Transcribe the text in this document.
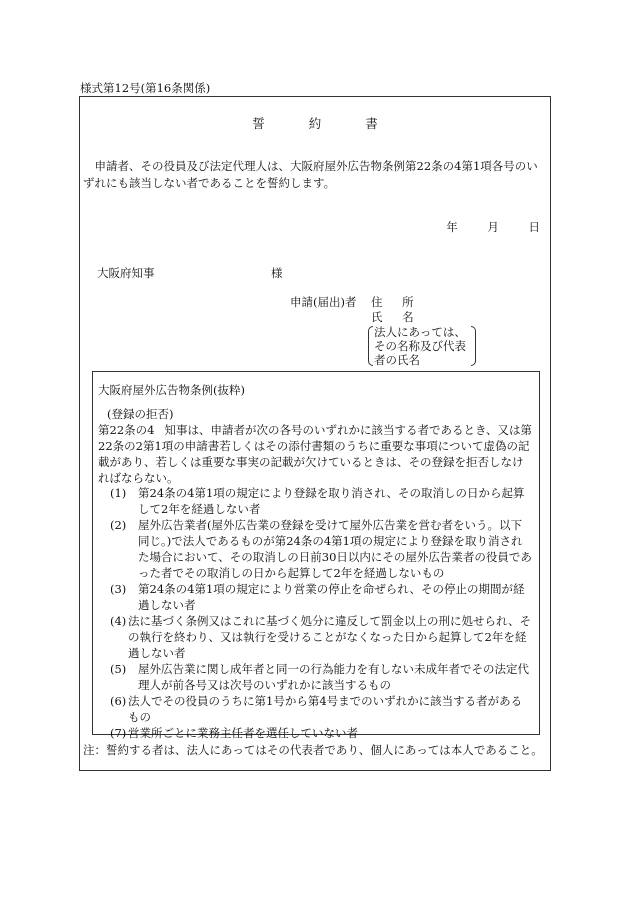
様式第12号(第16条関係)
誓 約 書

申請者、その役員及び法定代理人は、大阪府屋外広告物条例第22条の4第1項各号のいずれにも該当しない者であることを誓約します。

年	月	日
大阪府知事	様
申請(届出)者 住 所
氏 名
法人にあっては、その名称及び代表者の氏名
大阪府屋外広告物条例(抜粋)
(登録の拒否)

第22条の4 知事は、申請者が次の各号のいずれかに該当する者であるとき、又は第22条の2第1項の申請書若しくはその添付書類のうちに重要な事項について虚偽の記載があり、若しくは重要な事実の記載が欠けているときは、その登録を拒否しなければならない。

(1)	第24条の4第1項の規定により登録を取り消され、その取消しの日から起算して2年を経過しない者
(2)	屋外広告業者(屋外広告業の登録を受けて屋外広告業を営む者をいう。以下同じ。)で法人であるものが第24条の4第1項の規定により登録を取り消された場合において、その取消しの日前30日以内にその屋外広告業者の役員であった者でその取消しの日から起算して2年を経過しないもの
(3)	第24条の4第1項の規定により営業の停止を命ぜられ、その停止の期間が経過しない者
(4) 法に基づく条例又はこれに基づく処分に違反して罰金以上の刑に処せられ、その執行を終わり、又は執行を受けることがなくなった日から起算して2年を経過しない者
(5)	屋外広告業に関し成年者と同一の行為能力を有しない未成年者でその法定代理人が前各号又は次号のいずれかに該当するもの
(6) 法人でその役員のうちに第1号から第4号までのいずれかに該当する者があるもの
(7) 営業所ごとに業務主任者を選任していない者
注：誓約する者は、法人にあってはその代表者であり、個人にあっては本人であること。
